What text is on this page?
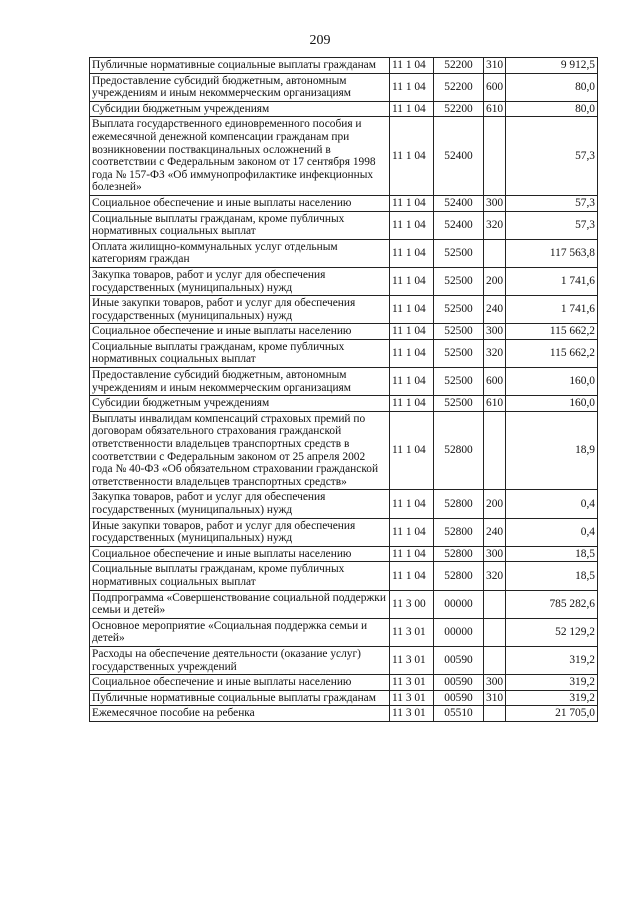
209
Публичные нормативные социальные выплаты гражданам	11 1 04	52200	310	9 912,5
Предоставление субсидий бюджетным, автономным учреждениям и иным некоммерческим организациям	11 1 04	52200	600	80,0
Субсидии бюджетным учреждениям	11 1 04	52200	610	80,0
Выплата государственного единовременного пособия и ежемесячной денежной компенсации гражданам при возникновении поствакцинальных осложнений в соответствии с Федеральным законом от 17 сентября 1998 года № 157-ФЗ «Об иммунопрофилактике инфекционных болезней»	11 1 04	52400		57,3
Социальное обеспечение и иные выплаты населению	11 1 04	52400	300	57,3
Социальные выплаты гражданам, кроме публичных нормативных социальных выплат	11 1 04	52400	320	57,3
Оплата жилищно-коммунальных услуг отдельным категориям граждан	11 1 04	52500		117 563,8
Закупка товаров, работ и услуг для обеспечения государственных (муниципальных) нужд	11 1 04	52500	200	1 741,6
Иные закупки товаров, работ и услуг для обеспечения государственных (муниципальных) нужд	11 1 04	52500	240	1 741,6
Социальное обеспечение и иные выплаты населению	11 1 04	52500	300	115 662,2
Социальные выплаты гражданам, кроме публичных нормативных социальных выплат	11 1 04	52500	320	115 662,2
Предоставление субсидий бюджетным, автономным учреждениям и иным некоммерческим организациям	11 1 04	52500	600	160,0
Субсидии бюджетным учреждениям	11 1 04	52500	610	160,0
Выплаты инвалидам компенсаций страховых премий по договорам обязательного страхования гражданской ответственности владельцев транспортных средств в соответствии с Федеральным законом от 25 апреля 2002 года № 40-ФЗ «Об обязательном страховании гражданской ответственности владельцев транспортных средств»	11 1 04	52800		18,9
Закупка товаров, работ и услуг для обеспечения государственных (муниципальных) нужд	11 1 04	52800	200	0,4
Иные закупки товаров, работ и услуг для обеспечения государственных (муниципальных) нужд	11 1 04	52800	240	0,4
Социальное обеспечение и иные выплаты населению	11 1 04	52800	300	18,5
Социальные выплаты гражданам, кроме публичных нормативных социальных выплат	11 1 04	52800	320	18,5
Подпрограмма «Совершенствование социальной поддержки семьи и детей»	11 3 00	00000		785 282,6
Основное мероприятие «Социальная поддержка семьи и детей»	11 3 01	00000		52 129,2
Расходы на обеспечение деятельности (оказание услуг) государственных учреждений	11 3 01	00590		319,2
Социальное обеспечение и иные выплаты населению	11 3 01	00590	300	319,2
Публичные нормативные социальные выплаты гражданам	11 3 01	00590	310	319,2
Ежемесячное пособие на ребенка	11 3 01	05510		21 705,0
